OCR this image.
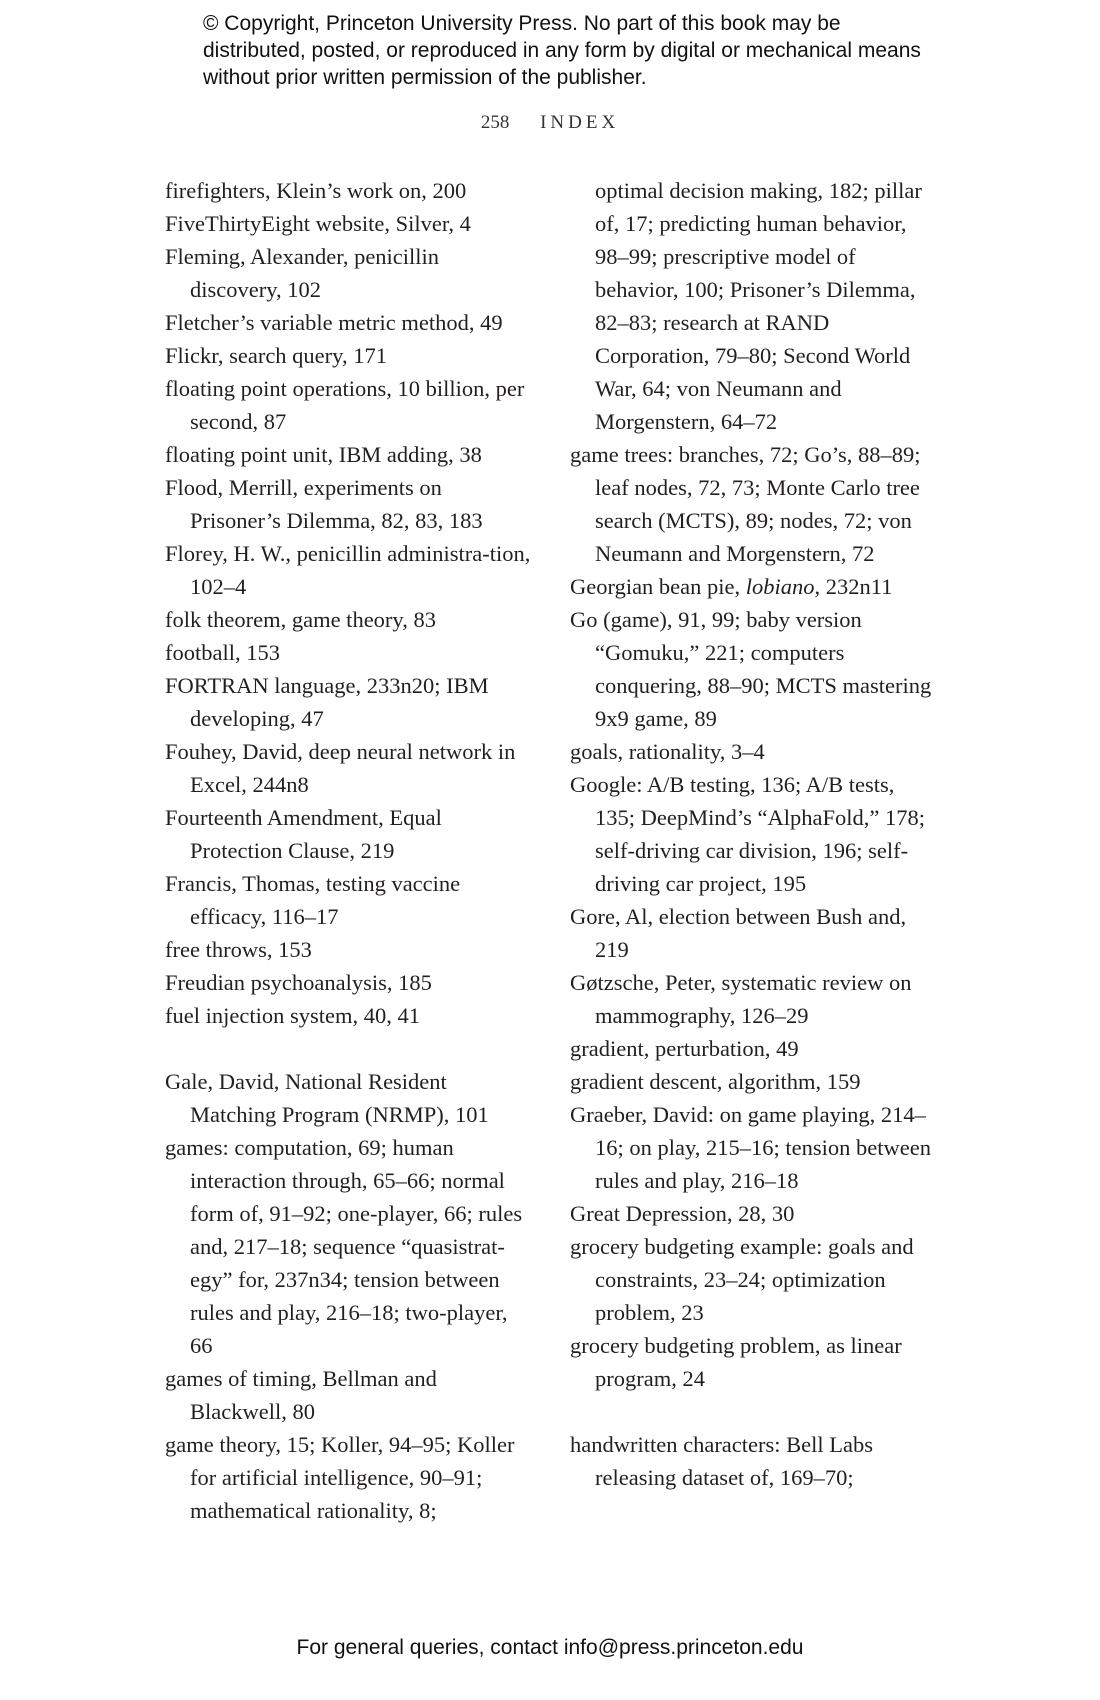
© Copyright, Princeton University Press. No part of this book may be distributed, posted, or reproduced in any form by digital or mechanical means without prior written permission of the publisher.
258 INDEX
firefighters, Klein’s work on, 200
FiveThirtyEight website, Silver, 4
Fleming, Alexander, penicillin discovery, 102
Fletcher’s variable metric method, 49
Flickr, search query, 171
floating point operations, 10 billion, per second, 87
floating point unit, IBM adding, 38
Flood, Merrill, experiments on Prisoner’s Dilemma, 82, 83, 183
Florey, H. W., penicillin administra-tion, 102–4
folk theorem, game theory, 83
football, 153
FORTRAN language, 233n20; IBM developing, 47
Fouhey, David, deep neural network in Excel, 244n8
Fourteenth Amendment, Equal Protection Clause, 219
Francis, Thomas, testing vaccine efficacy, 116–17
free throws, 153
Freudian psychoanalysis, 185
fuel injection system, 40, 41
Gale, David, National Resident Matching Program (NRMP), 101
games: computation, 69; human interaction through, 65–66; normal form of, 91–92; one-player, 66; rules and, 217–18; sequence “quasistrat-egy” for, 237n34; tension between rules and play, 216–18; two-player, 66
games of timing, Bellman and Blackwell, 80
game theory, 15; Koller, 94–95; Koller for artificial intelligence, 90–91; mathematical rationality, 8;
optimal decision making, 182; pillar of, 17; predicting human behavior, 98–99; prescriptive model of behavior, 100; Prisoner’s Dilemma, 82–83; research at RAND Corporation, 79–80; Second World War, 64; von Neumann and Morgenstern, 64–72
game trees: branches, 72; Go’s, 88–89; leaf nodes, 72, 73; Monte Carlo tree search (MCTS), 89; nodes, 72; von Neumann and Morgenstern, 72
Georgian bean pie, lobiano, 232n11
Go (game), 91, 99; baby version “Gomuku,” 221; computers conquering, 88–90; MCTS mastering 9x9 game, 89
goals, rationality, 3–4
Google: A/B testing, 136; A/B tests, 135; DeepMind’s “AlphaFold,” 178; self-driving car division, 196; self-driving car project, 195
Gore, Al, election between Bush and, 219
Gøtzsche, Peter, systematic review on mammography, 126–29
gradient, perturbation, 49
gradient descent, algorithm, 159
Graeber, David: on game playing, 214–16; on play, 215–16; tension between rules and play, 216–18
Great Depression, 28, 30
grocery budgeting example: goals and constraints, 23–24; optimization problem, 23
grocery budgeting problem, as linear program, 24
handwritten characters: Bell Labs releasing dataset of, 169–70;
For general queries, contact info@press.princeton.edu
